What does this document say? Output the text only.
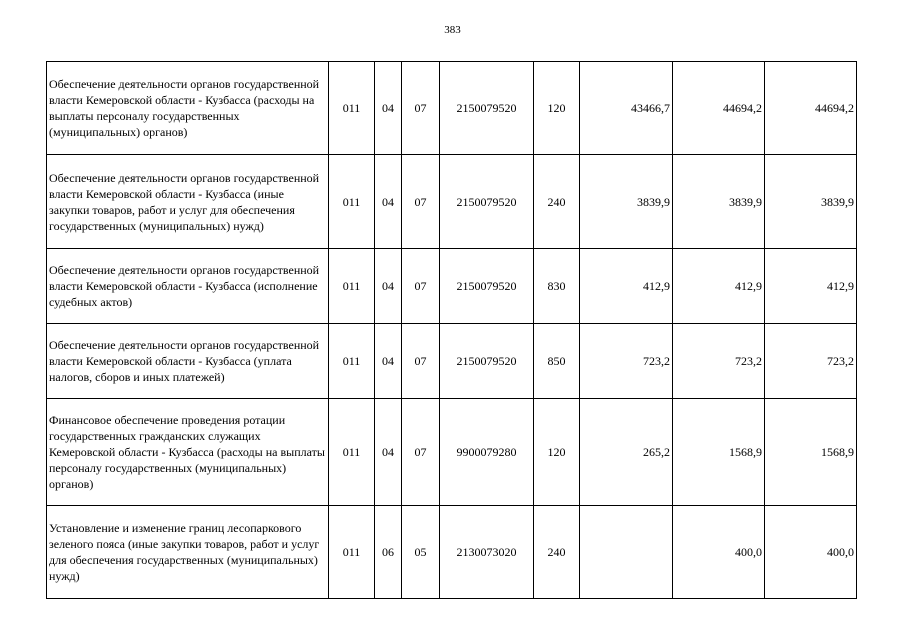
383
Обеспечение деятельности органов государственной власти Кемеровской области - Кузбасса (расходы на выплаты персоналу государственных (муниципальных) органов)	011	04	07	2150079520	120	43466,7	44694,2	44694,2
Обеспечение деятельности органов государственной власти Кемеровской области - Кузбасса (иные закупки товаров, работ и услуг для обеспечения государственных (муниципальных) нужд)	011	04	07	2150079520	240	3839,9	3839,9	3839,9
Обеспечение деятельности органов государственной власти Кемеровской области - Кузбасса (исполнение судебных актов)	011	04	07	2150079520	830	412,9	412,9	412,9
Обеспечение деятельности органов государственной власти Кемеровской области - Кузбасса (уплата налогов, сборов и иных платежей)	011	04	07	2150079520	850	723,2	723,2	723,2
Финансовое обеспечение проведения ротации государственных гражданских служащих Кемеровской области - Кузбасса (расходы на выплаты персоналу государственных (муниципальных) органов)	011	04	07	9900079280	120	265,2	1568,9	1568,9
Установление и изменение границ лесопаркового зеленого пояса (иные закупки товаров, работ и услуг для обеспечения государственных (муниципальных) нужд)	011	06	05	2130073020	240		400,0	400,0
